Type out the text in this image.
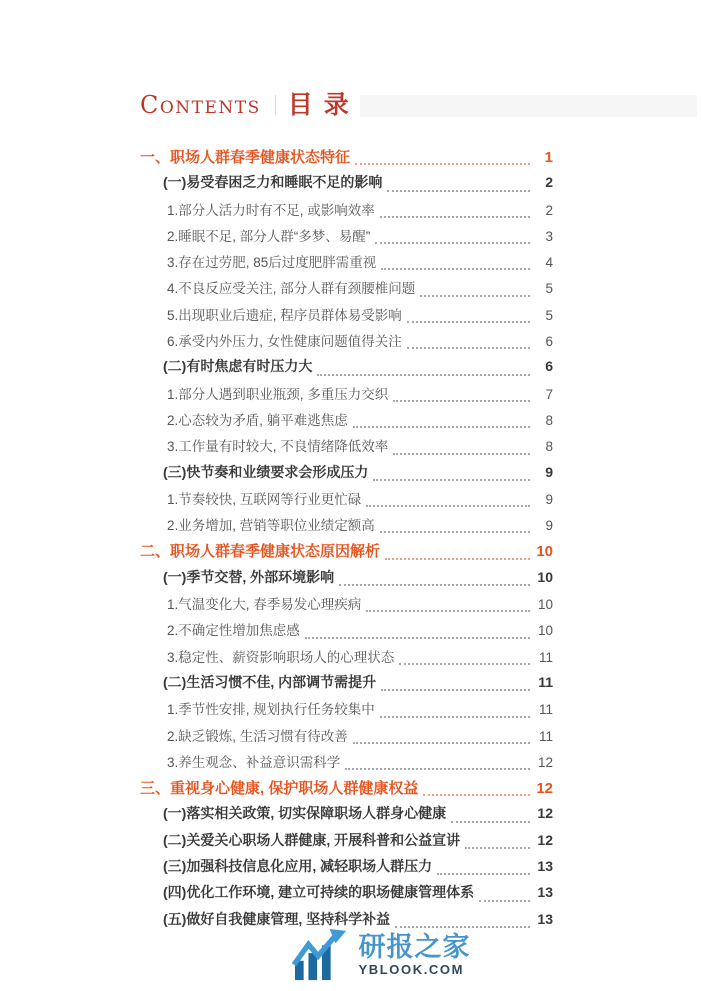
CONTENTS 目录
一、职场人群春季健康状态特征	1
(一)易受春困乏力和睡眠不足的影响	2
1.部分人活力时有不足, 或影响效率	2
2.睡眠不足, 部分人群“多梦、易醒”	3
3.存在过劳肥, 85后过度肥胖需重视	4
4.不良反应受关注, 部分人群有颈腰椎问题	5
5.出现职业后遗症, 程序员群体易受影响	5
6.承受内外压力, 女性健康问题值得关注	6
(二)有时焦虑有时压力大	6
1.部分人遇到职业瓶颈, 多重压力交织	7
2.心态较为矛盾, 躺平难逃焦虑	8
3.工作量有时较大, 不良情绪降低效率	8
(三)快节奏和业绩要求会形成压力	9
1.节奏较快, 互联网等行业更忙碌	9
2.业务增加, 营销等职位业绩定额高	9
二、职场人群春季健康状态原因解析	10
(一)季节交替, 外部环境影响	10
1.气温变化大, 春季易发心理疾病	10
2.不确定性增加焦虑感	10
3.稳定性、薪资影响职场人的心理状态	11
(二)生活习惯不佳, 内部调节需提升	11
1.季节性安排, 规划执行任务较集中	11
2.缺乏锻炼, 生活习惯有待改善	11
3.养生观念、补益意识需科学	12
三、重视身心健康, 保护职场人群健康权益	12
(一)落实相关政策, 切实保障职场人群身心健康	12
(二)关爱关心职场人群健康, 开展科普和公益宣讲	12
(三)加强科技信息化应用, 减轻职场人群压力	13
(四)优化工作环境, 建立可持续的职场健康管理体系	13
(五)做好自我健康管理, 坚持科学补益	13
研报之家
YBLOOK.COM
